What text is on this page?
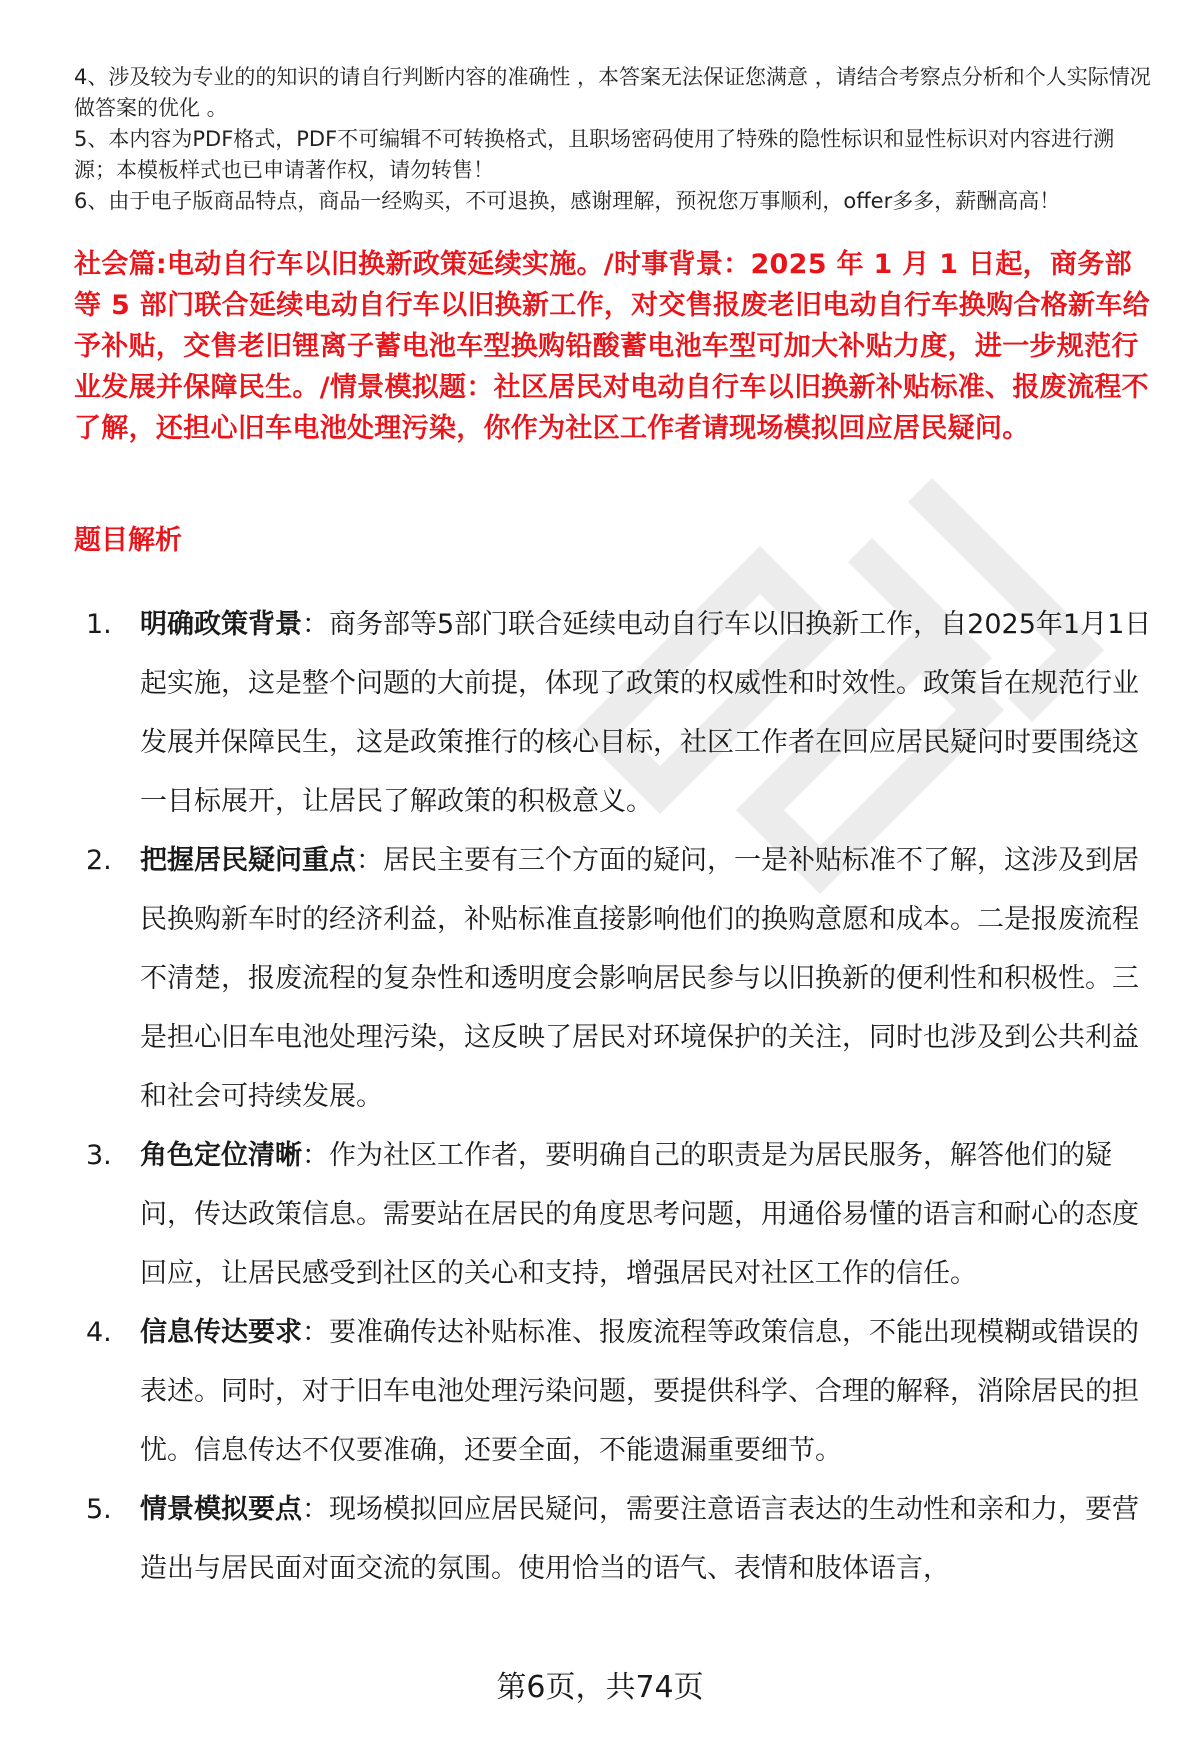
4、涉及较为专业的的知识的请自行判断内容的准确性 ，本答案无法保证您满意 ，请结合考察点分析和个人实际情况做答案的优化 。

5、本内容为PDF格式，PDF不可编辑不可转换格式，且职场密码使用了特殊的隐性标识和显性标识对内容进行溯源；本模板样式也已申请著作权，请勿转售！

6、由于电子版商品特点，商品一经购买，不可退换，感谢理解，预祝您万事顺利，offer多多，薪酬高高！

社会篇:电动自行车以旧换新政策延续实施。/时事背景：2025 年 1 月 1 日起，商务部等 5 部门联合延续电动自行车以旧换新工作，对交售报废老旧电动自行车换购合格新车给予补贴，交售老旧锂离子蓄电池车型换购铅酸蓄电池车型可加大补贴力度，进一步规范行业发展并保障民生。/情景模拟题：社区居民对电动自行车以旧换新补贴标准、报废流程不了解，还担心旧车电池处理污染，你作为社区工作者请现场模拟回应居民疑问。
题目解析
1.	明确政策背景：商务部等5部门联合延续电动自行车以旧换新工作，自2025年1月1日起实施，这是整个问题的大前提，体现了政策的权威性和时效性。政策旨在规范行业发展并保障民生，这是政策推行的核心目标，社区工作者在回应居民疑问时要围绕这一目标展开，让居民了解政策的积极意义。
2.	把握居民疑问重点：居民主要有三个方面的疑问，一是补贴标准不了解，这涉及到居民换购新车时的经济利益，补贴标准直接影响他们的换购意愿和成本。二是报废流程不清楚，报废流程的复杂性和透明度会影响居民参与以旧换新的便利性和积极性。三是担心旧车电池处理污染，这反映了居民对环境保护的关注，同时也涉及到公共利益和社会可持续发展。
3.	角色定位清晰：作为社区工作者，要明确自己的职责是为居民服务，解答他们的疑问，传达政策信息。需要站在居民的角度思考问题，用通俗易懂的语言和耐心的态度回应，让居民感受到社区的关心和支持，增强居民对社区工作的信任。
4.	信息传达要求：要准确传达补贴标准、报废流程等政策信息，不能出现模糊或错误的表述。同时，对于旧车电池处理污染问题，要提供科学、合理的解释，消除居民的担忧。信息传达不仅要准确，还要全面，不能遗漏重要细节。
5.	情景模拟要点：现场模拟回应居民疑问，需要注意语言表达的生动性和亲和力，要营造出与居民面对面交流的氛围。使用恰当的语气、表情和肢体语言，
第6页，共74页
